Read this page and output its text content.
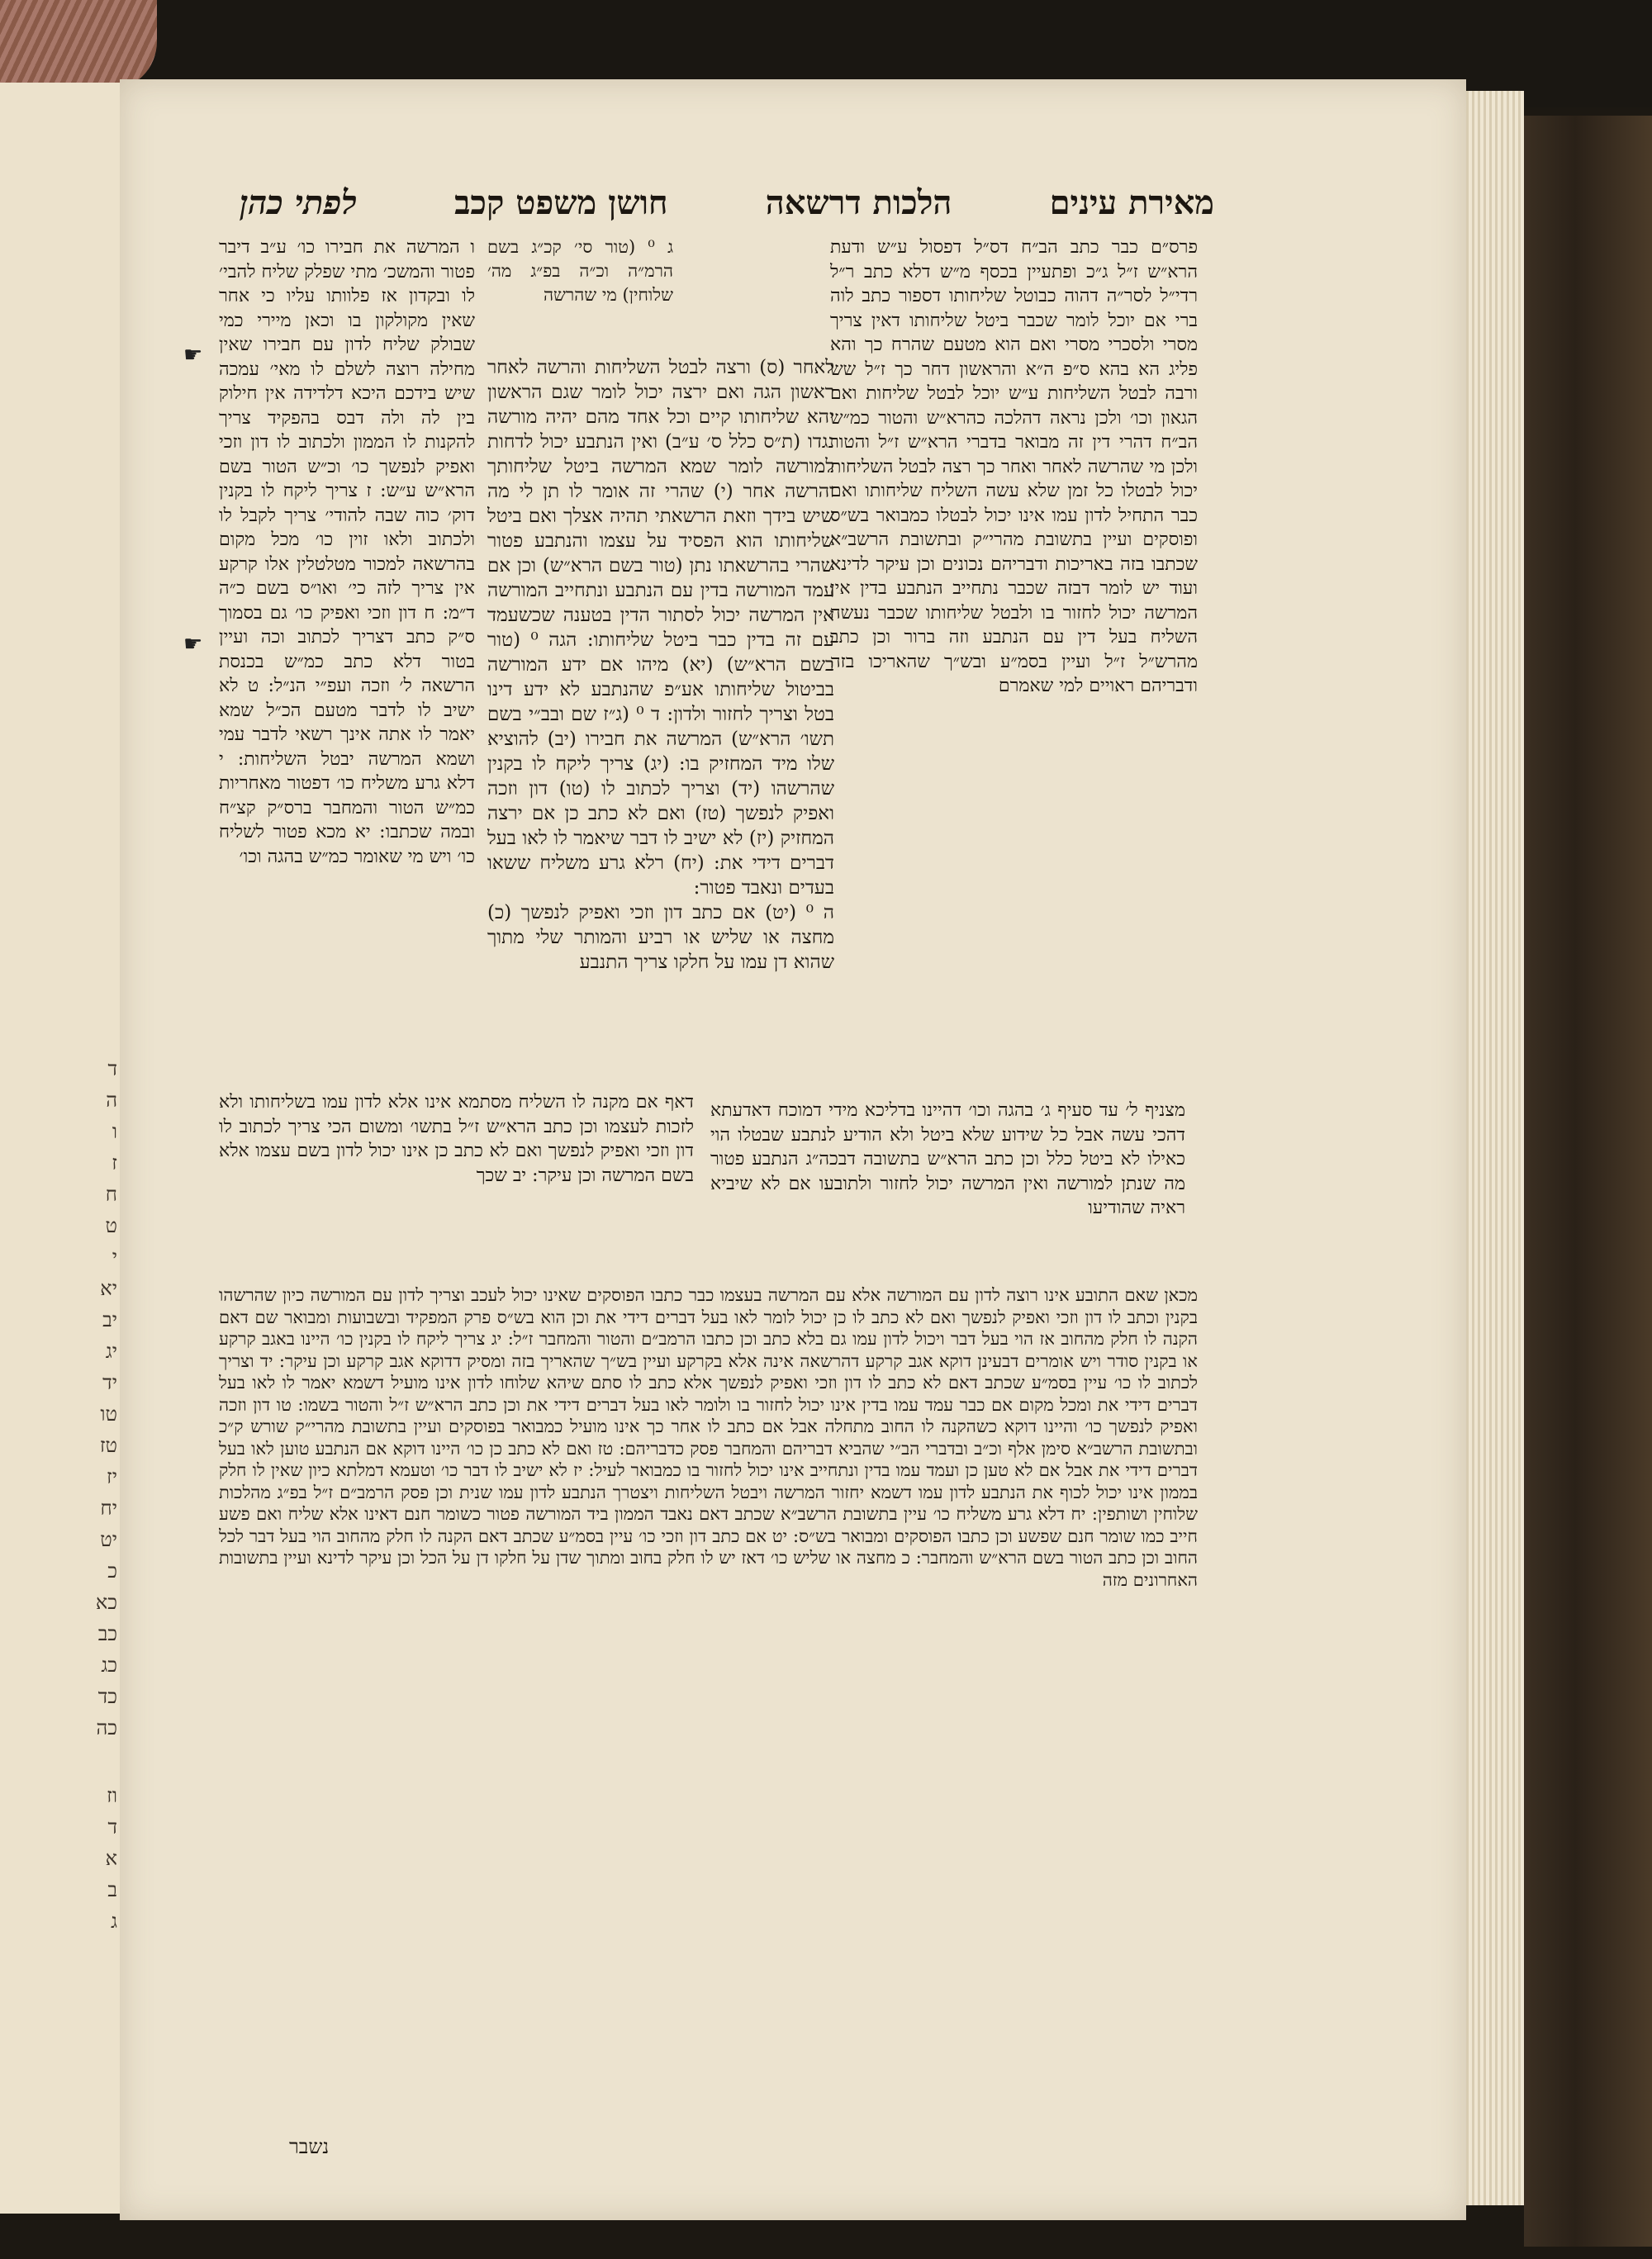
ד
ה
ו
ז
ח
ט
י
יא
יב
יג
יד
טו
טז
יז
יח
יט
כ
כא
כב
כג
כד
כה
וז
ד
א
ב
ג
לפתי כהן	חושן משפט קכב	הלכות דרשאה	מאירת עינים

פרס״ם כבר כתב הב״ח דס״ל דפסול ע״ש ודעת הרא״ש ז״ל ג״כ ופתעיין בכסף מ״ש דלא כתב ר״ל רדי״ל לסר״ה דהוה כבוטל שליחותו דספור כתב לוה ברי אם יוכל לומר שכבר ביטל שליחותו דאין צריך מסרי ולסכרי מסרי ואם הוא מטעם שהרח כך והא פליג הא בהא ס״פ ה״א והראשון דחר כך ז״ל שש ורבה לבטל השליחות ע״ש יוכל לבטל שליחות ואם הגאון וכו׳ ולכן נראה דהלכה כהרא״ש והטור כמ״ש הב״ח דהרי דין זה מבואר בדברי הרא״ש ז״ל והטור ולכן מי שהרשה לאחר ואחר כך רצה לבטל השליחות יכול לבטלו כל זמן שלא עשה השליח שליחותו ואם כבר התחיל לדון עמו אינו יכול לבטלו כמבואר בש״ס ופוסקים ועיין בתשובת מהרי״ק ובתשובת הרשב״א שכתבו בזה באריכות ודבריהם נכונים וכן עיקר לדינא ועוד יש לומר דבזה שכבר נתחייב הנתבע בדין אין המרשה יכול לחזור בו ולבטל שליחותו שכבר נעשה השליח בעל דין עם הנתבע וזה ברור וכן כתב מהרש״ל ז״ל ועיין בסמ״ע ובש״ך שהאריכו בזה ודבריהם ראויים למי שאמרם

ג ⁰ (טור סי׳ קכ״ג בשם הרמ״ה וכ״ה בפ״ג מה׳ שלוחין) מי שהרשה

לאחר (ס) ורצה לבטל השליחות והרשה לאחר ראשון הגה ואם ירצה יכול לומר שגם הראשון יהא שליחותו קיים וכל אחד מהם יהיה מורשה נגדו (ת״ס כלל ס׳ ע״ב) ואין הנתבע יכול לדחות למורשה לומר שמא המרשה ביטל שליחותך והרשה אחר (י) שהרי זה אומר לו תן לי מה שיש בידך וזאת הרשאתי תהיה אצלך ואם ביטל שליחותו הוא הפסיד על עצמו והנתבע פטור שהרי בהרשאתו נתן (טור בשם הרא״ש) וכן אם עמד המורשה בדין עם הנתבע ונתחייב המורשה אין המרשה יכול לסתור הדין בטענה שכשעמד עם זה בדין כבר ביטל שליחותו: הגה ⁰ (טור בשם הרא״ש) (יא) מיהו אם ידע המורשה בביטול שליחותו אע״פ שהנתבע לא ידע דינו בטל וצריך לחזור ולדון: ד ⁰ (ג״ז שם ובב״י בשם תשו׳ הרא״ש) המרשה את חבירו (יב) להוציא שלו מיד המחזיק בו: (יג) צריך ליקח לו בקנין שהרשהו (יד) וצריך לכתוב לו (טו) דון וזכה ואפיק לנפשך (טז) ואם לא כתב כן אם ירצה המחזיק (יז) לא ישיב לו דבר שיאמר לו לאו בעל דברים דידי את: (יח) רלא גרע משליח ששאו בעדים ונאבד פטור:

ה ⁰ (יט) אם כתב דון וזכי ואפיק לנפשך (כ) מחצה או שליש או רביע והמותר שלי מתוך שהוא דן עמו על חלקו צריך התנבע

ו המרשה את חבירו כו׳ ע״ב דיבר פטור והמשכ׳ מתי שפלק שליח להבי׳ לו ובקדון אז פלוותו עליו כי אחר שאין מקולקון בו וכאן מיירי כמי שבולק שליח לדון עם חבירו שאין מחילה רוצה לשלם לו מאי׳ עמכה שיש בידכם היכא דלדידה אין חילוק בין לה ולה דבס בהפקיד צריך להקנות לו הממון ולכתוב לו דון וזכי ואפיק לנפשך כו׳ וכ״ש הטור בשם הרא״ש ע״ש: ז צריך ליקח לו בקנין דוק׳ כוה שבה להודי׳ צריך לקבל לו ולכתוב ולאו זוין כו׳ מכל מקום בהרשאה למכור מטלטלין אלו קרקע אין צריך לזה כי׳ ואו״ס בשם כ״ה ד״מ: ח דון וזכי ואפיק כו׳ גם בסמוך ס״ק כתב דצריך לכתוב וכה ועיין בטור דלא כתב כמ״ש בכנסת הרשאה ל׳ וזכה ועפ״י הנ״ל: ט לא ישיב לו לדבר מטעם הכ״ל שמא יאמר לו אתה אינך רשאי לדבר עמי ושמא המרשה יבטל השליחות: י דלא גרע משליח כו׳ דפטור מאחריות כמ״ש הטור והמחבר ברס״ק קצ״ח ובמה שכתבו: יא מכא פטור לשליח כו׳ ויש מי שאומר כמ״ש בהגה וכו׳

דאף אם מקנה לו השליח מסתמא אינו אלא לדון עמו בשליחותו ולא לזכות לעצמו וכן כתב הרא״ש ז״ל בתשו׳ ומשום הכי צריך לכתוב לו דון וזכי ואפיק לנפשך ואם לא כתב כן אינו יכול לדון בשם עצמו אלא בשם המרשה וכן עיקר: יב שכך

מצניף ל׳ עד סעיף ג׳ בהגה וכו׳ דהיינו בדליכא מידי דמוכח דאדעתא דהכי עשה אבל כל שידוע שלא ביטל ולא הודיע לנתבע שבטלו הוי כאילו לא ביטל כלל וכן כתב הרא״ש בתשובה דבכה״ג הנתבע פטור מה שנתן למורשה ואין המרשה יכול לחזור ולתובעו אם לא שיביא ראיה שהודיעו

מכאן שאם התובע אינו רוצה לדון עם המורשה אלא עם המרשה בעצמו כבר כתבו הפוסקים שאינו יכול לעכב וצריך לדון עם המורשה כיון שהרשהו בקנין וכתב לו דון וזכי ואפיק לנפשך ואם לא כתב לו כן יכול לומר לאו בעל דברים דידי את וכן הוא בש״ס פרק המפקיד ובשבועות ומבואר שם דאם הקנה לו חלק מהחוב אז הוי בעל דבר ויכול לדון עמו גם בלא כתב וכן כתבו הרמב״ם והטור והמחבר ז״ל: יג צריך ליקח לו בקנין כו׳ היינו באגב קרקע או בקנין סודר ויש אומרים דבעינן דוקא אגב קרקע דהרשאה אינה אלא בקרקע ועיין בש״ך שהאריך בזה ומסיק דדוקא אגב קרקע וכן עיקר: יד וצריך לכתוב לו כו׳ עיין בסמ״ע שכתב דאם לא כתב לו דון וזכי ואפיק לנפשך אלא כתב לו סתם שיהא שלוחו לדון אינו מועיל דשמא יאמר לו לאו בעל דברים דידי את ומכל מקום אם כבר עמד עמו בדין אינו יכול לחזור בו ולומר לאו בעל דברים דידי את וכן כתב הרא״ש ז״ל והטור בשמו: טו דון וזכה ואפיק לנפשך כו׳ והיינו דוקא כשהקנה לו החוב מתחלה אבל אם כתב לו אחר כך אינו מועיל כמבואר בפוסקים ועיין בתשובת מהרי״ק שורש ק״כ ובתשובת הרשב״א סימן אלף וכ״ב ובדברי הב״י שהביא דבריהם והמחבר פסק כדבריהם: טז ואם לא כתב כן כו׳ היינו דוקא אם הנתבע טוען לאו בעל דברים דידי את אבל אם לא טען כן ועמד עמו בדין ונתחייב אינו יכול לחזור בו כמבואר לעיל: יז לא ישיב לו דבר כו׳ וטעמא דמלתא כיון שאין לו חלק בממון אינו יכול לכוף את הנתבע לדון עמו דשמא יחזור המרשה ויבטל השליחות ויצטרך הנתבע לדון עמו שנית וכן פסק הרמב״ם ז״ל בפ״ג מהלכות שלוחין ושותפין: יח דלא גרע משליח כו׳ עיין בתשובת הרשב״א שכתב דאם נאבד הממון ביד המורשה פטור כשומר חנם דאינו אלא שליח ואם פשע חייב כמו שומר חנם שפשע וכן כתבו הפוסקים ומבואר בש״ס: יט אם כתב דון וזכי כו׳ עיין בסמ״ע שכתב דאם הקנה לו חלק מהחוב הוי בעל דבר לכל החוב וכן כתב הטור בשם הרא״ש והמחבר: כ מחצה או שליש כו׳ דאז יש לו חלק בחוב ומתוך שדן על חלקו דן על הכל וכן עיקר לדינא ועיין בתשובות האחרונים מזה

☛
☛
נשבר
